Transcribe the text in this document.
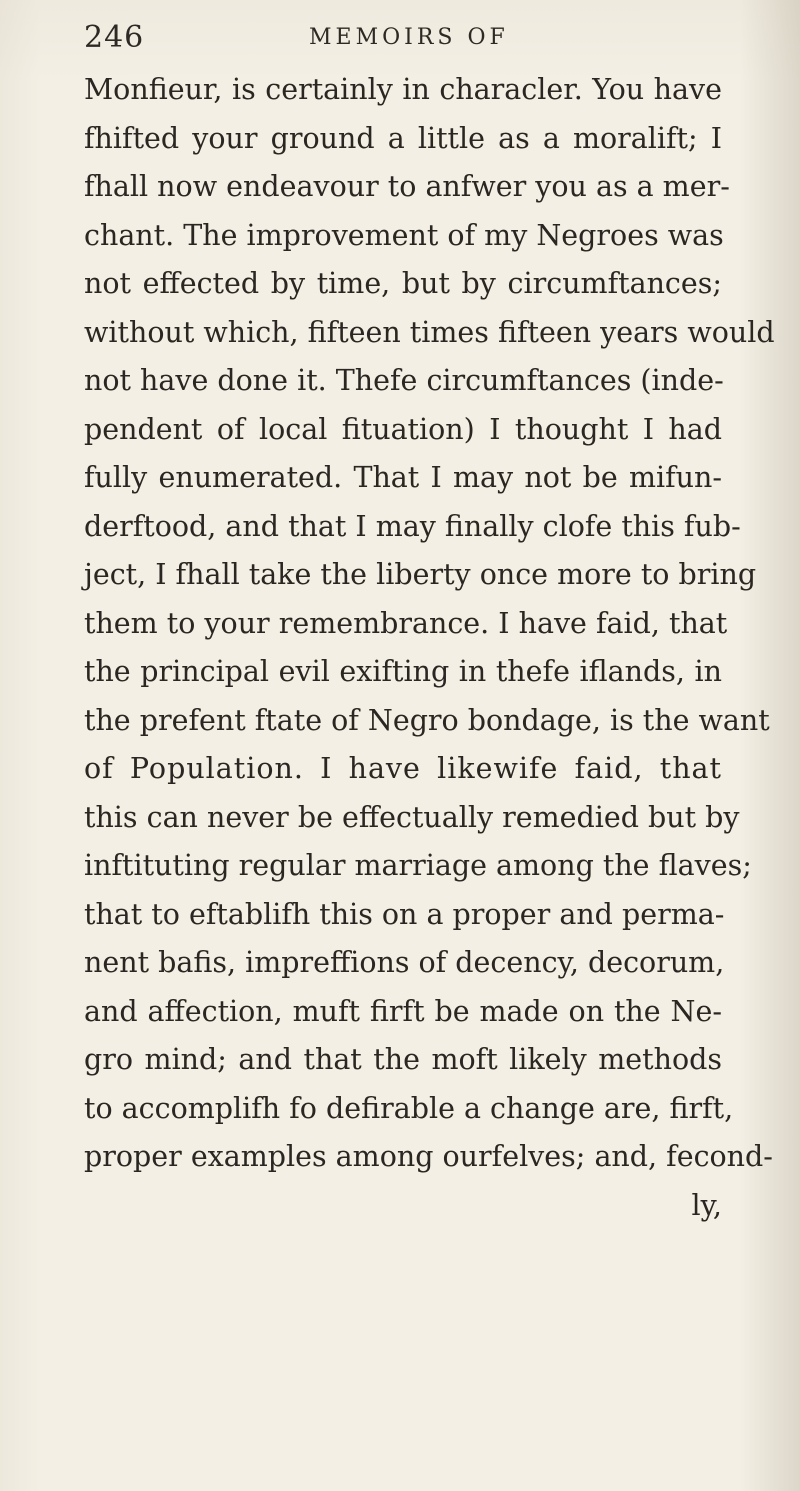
246	MEMOIRS OF
Monfieur, is certainly in characler. You have
fhifted your ground a little as a moralift; I
fhall now endeavour to anfwer you as a mer-
chant. The improvement of my Negroes was
not effected by time, but by circumftances;
without which, fifteen times fifteen years would
not have done it. Thefe circumftances (inde-
pendent of local fituation) I thought I had
fully enumerated. That I may not be mifun-
derftood, and that I may finally clofe this fub-
ject, I fhall take the liberty once more to bring
them to your remembrance. I have faid, that
the principal evil exifting in thefe iflands, in
the prefent ftate of Negro bondage, is the want
of Population. I have likewife faid, that
this can never be effectually remedied but by
inftituting regular marriage among the flaves;
that to eftablifh this on a proper and perma-
nent bafis, impreffions of decency, decorum,
and affection, muft firft be made on the Ne-
gro mind; and that the moft likely methods
to accomplifh fo defirable a change are, firft,
proper examples among ourfelves; and, fecond-
ly,
